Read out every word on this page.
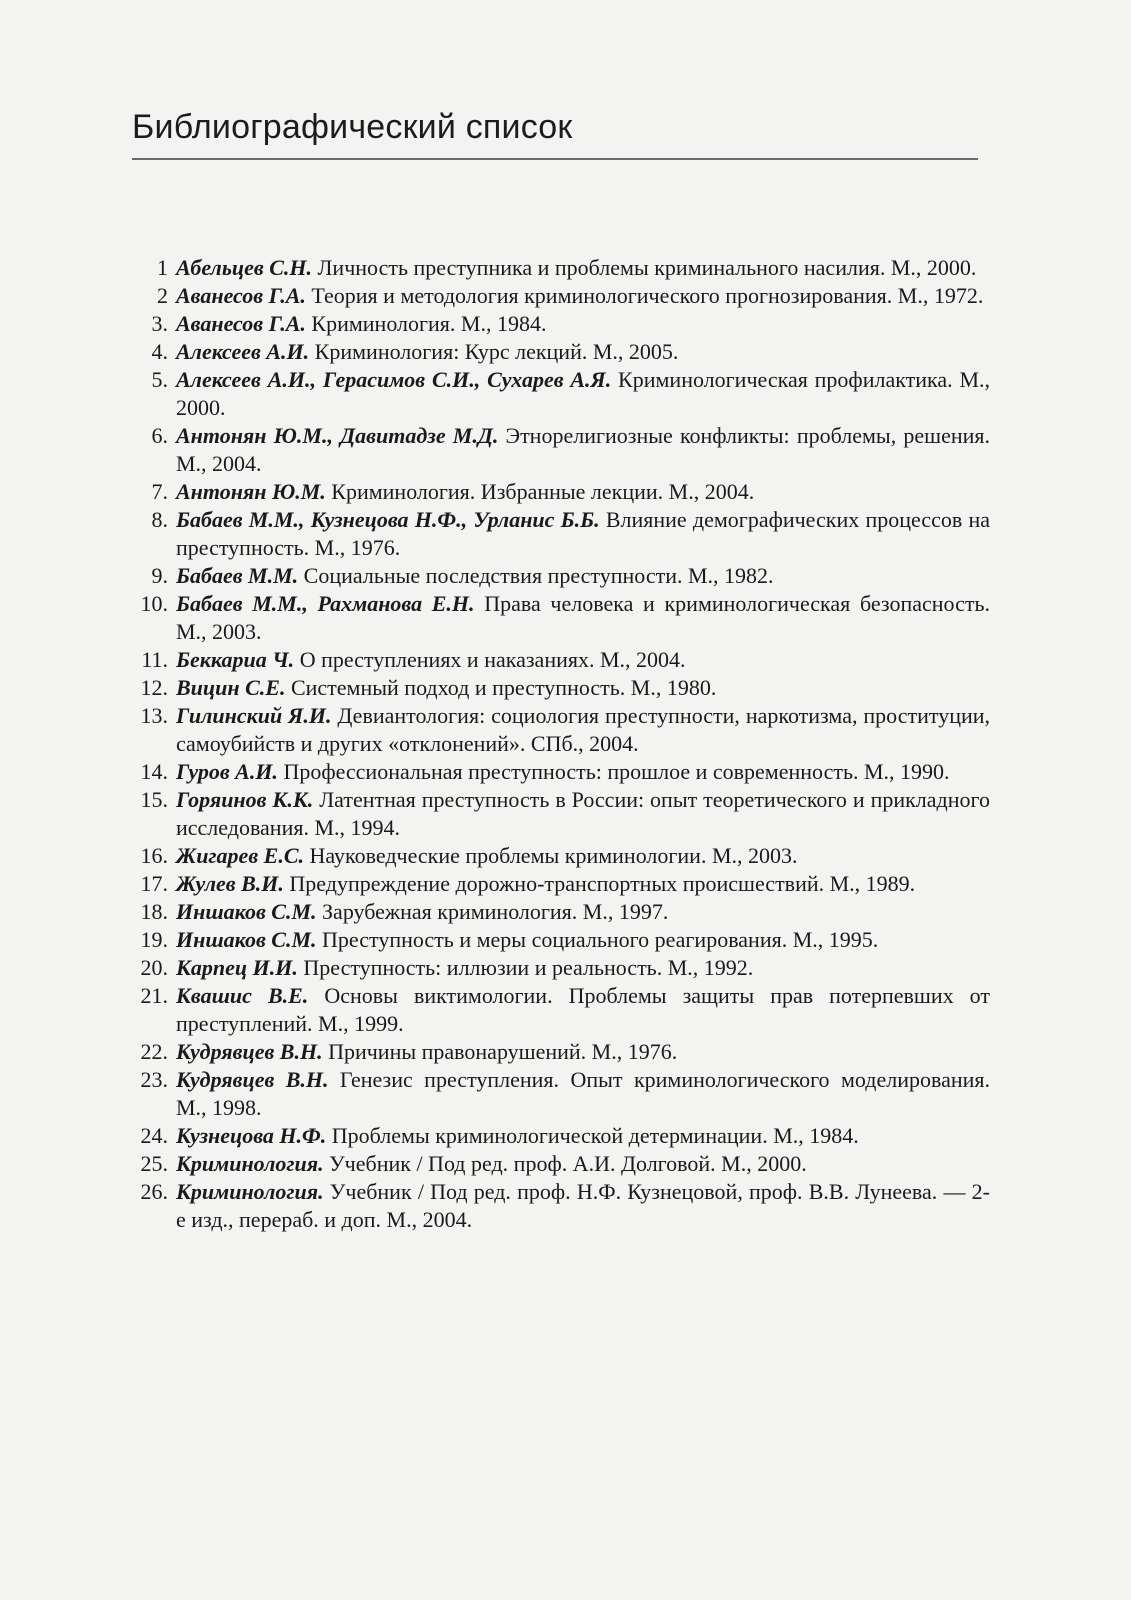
Библиографический список
1 Абельцев С.Н. Личность преступника и проблемы криминального насилия. М., 2000.
2 Аванесов Г.А. Теория и методология криминологического прогнозирования. М., 1972.
3. Аванесов Г.А. Криминология. М., 1984.
4. Алексеев А.И. Криминология: Курс лекций. М., 2005.
5. Алексеев А.И., Герасимов С.И., Сухарев А.Я. Криминологическая профилактика. М., 2000.
6. Антонян Ю.М., Давитадзе М.Д. Этнорелигиозные конфликты: проблемы, решения. М., 2004.
7. Антонян Ю.М. Криминология. Избранные лекции. М., 2004.
8. Бабаев М.М., Кузнецова Н.Ф., Урланис Б.Б. Влияние демографических процессов на преступность. М., 1976.
9. Бабаев М.М. Социальные последствия преступности. М., 1982.
10. Бабаев М.М., Рахманова Е.Н. Права человека и криминологическая безопасность. М., 2003.
11. Беккариа Ч. О преступлениях и наказаниях. М., 2004.
12. Вицин С.Е. Системный подход и преступность. М., 1980.
13. Гилинский Я.И. Девиантология: социология преступности, наркотизма, проституции, самоубийств и других «отклонений». СПб., 2004.
14. Гуров А.И. Профессиональная преступность: прошлое и современность. М., 1990.
15. Горяинов К.К. Латентная преступность в России: опыт теоретического и прикладного исследования. М., 1994.
16. Жигарев Е.С. Науковедческие проблемы криминологии. М., 2003.
17. Жулев В.И. Предупреждение дорожно-транспортных происшествий. М., 1989.
18. Иншаков С.М. Зарубежная криминология. М., 1997.
19. Иншаков С.М. Преступность и меры социального реагирования. М., 1995.
20. Карпец И.И. Преступность: иллюзии и реальность. М., 1992.
21. Квашис В.Е. Основы виктимологии. Проблемы защиты прав потерпевших от преступлений. М., 1999.
22. Кудрявцев В.Н. Причины правонарушений. М., 1976.
23. Кудрявцев В.Н. Генезис преступления. Опыт криминологического моделирования. М., 1998.
24. Кузнецова Н.Ф. Проблемы криминологической детерминации. М., 1984.
25. Криминология. Учебник / Под ред. проф. А.И. Долговой. М., 2000.
26. Криминология. Учебник / Под ред. проф. Н.Ф. Кузнецовой, проф. В.В. Лунеева. — 2-е изд., перераб. и доп. М., 2004.
